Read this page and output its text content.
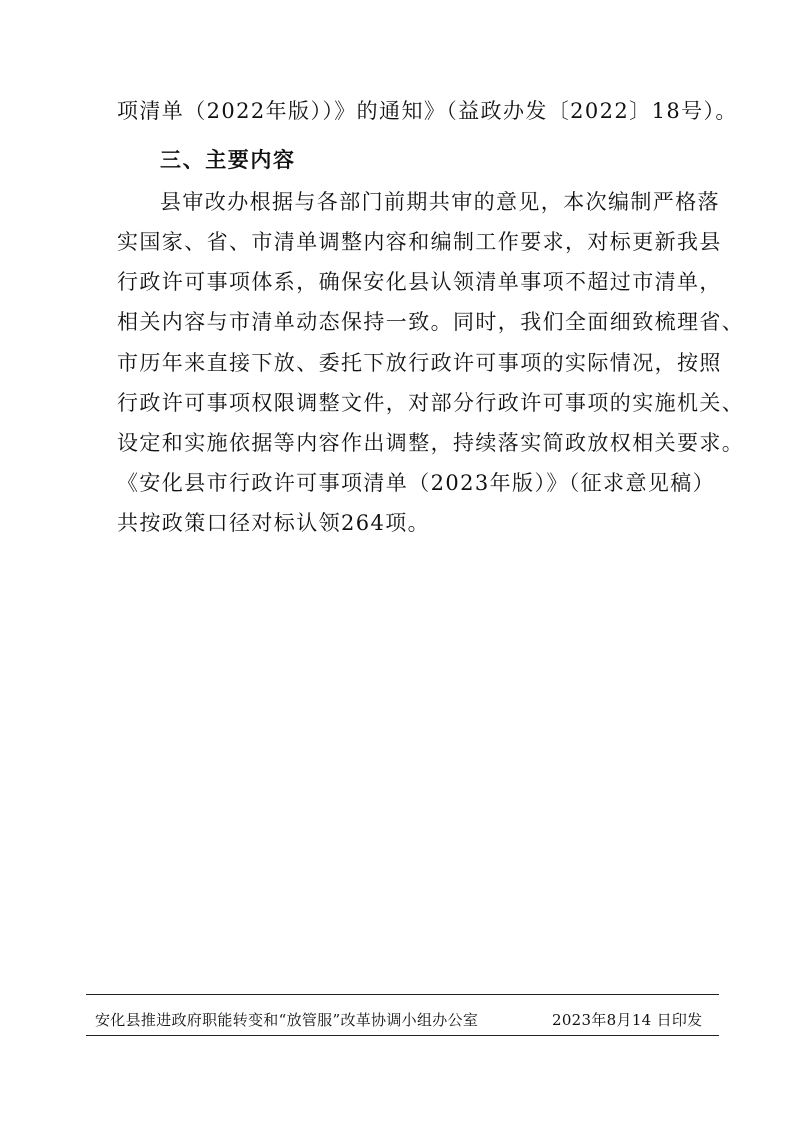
项清单（2022年版））》的通知》（益政办发〔2022〕18号）。
三、主要内容
县审改办根据与各部门前期共审的意见，本次编制严格落
实国家、省、市清单调整内容和编制工作要求，对标更新我县
行政许可事项体系，确保安化县认领清单事项不超过市清单，
相关内容与市清单动态保持一致。同时，我们全面细致梳理省、
市历年来直接下放、委托下放行政许可事项的实际情况，按照
行政许可事项权限调整文件，对部分行政许可事项的实施机关、
设定和实施依据等内容作出调整，持续落实简政放权相关要求。
《安化县市行政许可事项清单（2023年版）》（征求意见稿）
共按政策口径对标认领264项。
安化县推进政府职能转变和“放管服”改革协调小组办公室	2023年8月14 日印发
